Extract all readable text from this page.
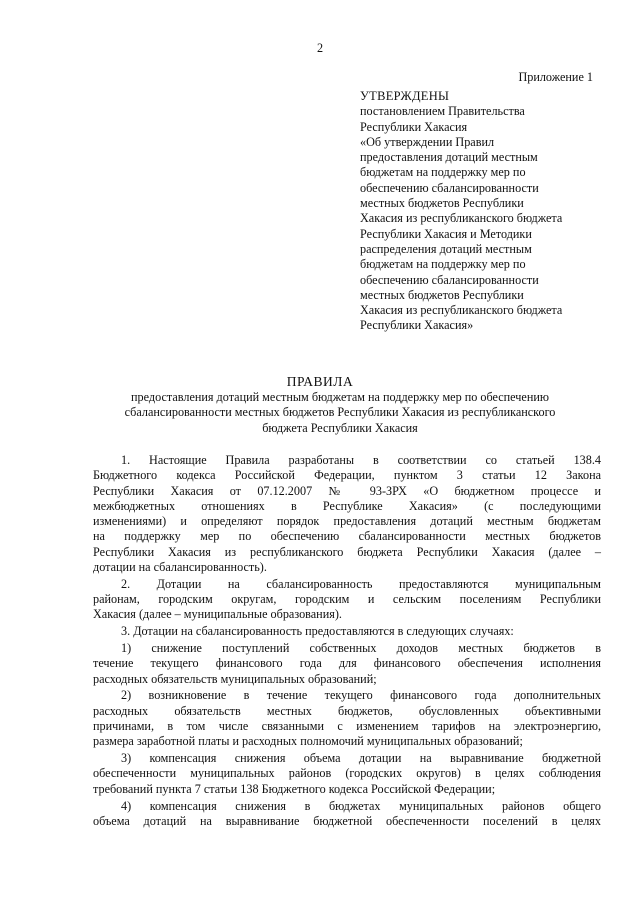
2
Приложение 1

УТВЕРЖДЕНЫ

постановлением Правительства
Республики Хакасия
«Об утверждении Правил
предоставления дотаций местным
бюджетам на поддержку мер по
обеспечению сбалансированности
местных бюджетов Республики
Хакасия из республиканского бюджета
Республики Хакасия и Методики
распределения дотаций местным
бюджетам на поддержку мер по
обеспечению сбалансированности
местных бюджетов Республики
Хакасия из республиканского бюджета
Республики Хакасия»
ПРАВИЛА
предоставления дотаций местным бюджетам на поддержку мер по обеспечению
сбалансированности местных бюджетов Республики Хакасия из республиканского
бюджета Республики Хакасия
1. Настоящие Правила разработаны в соответствии со статьей 138.4
Бюджетного кодекса Российской Федерации, пунктом 3 статьи 12 Закона
Республики Хакасия от 07.12.2007 № 93-ЗРХ «О бюджетном процессе и
межбюджетных отношениях в Республике Хакасия» (с последующими
изменениями) и определяют порядок предоставления дотаций местным бюджетам
на поддержку мер по обеспечению сбалансированности местных бюджетов
Республики Хакасия из республиканского бюджета Республики Хакасия (далее –
дотации на сбалансированность).
2. Дотации на сбалансированность предоставляются муниципальным
районам, городским округам, городским и сельским поселениям Республики
Хакасия (далее – муниципальные образования).
3. Дотации на сбалансированность предоставляются в следующих случаях:
1) снижение поступлений собственных доходов местных бюджетов в
течение текущего финансового года для финансового обеспечения исполнения
расходных обязательств муниципальных образований;
2) возникновение в течение текущего финансового года дополнительных
расходных обязательств местных бюджетов, обусловленных объективными
причинами, в том числе связанными с изменением тарифов на электроэнергию,
размера заработной платы и расходных полномочий муниципальных образований;
3) компенсация снижения объема дотации на выравнивание бюджетной
обеспеченности муниципальных районов (городских округов) в целях соблюдения
требований пункта 7 статьи 138 Бюджетного кодекса Российской Федерации;
4) компенсация снижения в бюджетах муниципальных районов общего
объема дотаций на выравнивание бюджетной обеспеченности поселений в целях
